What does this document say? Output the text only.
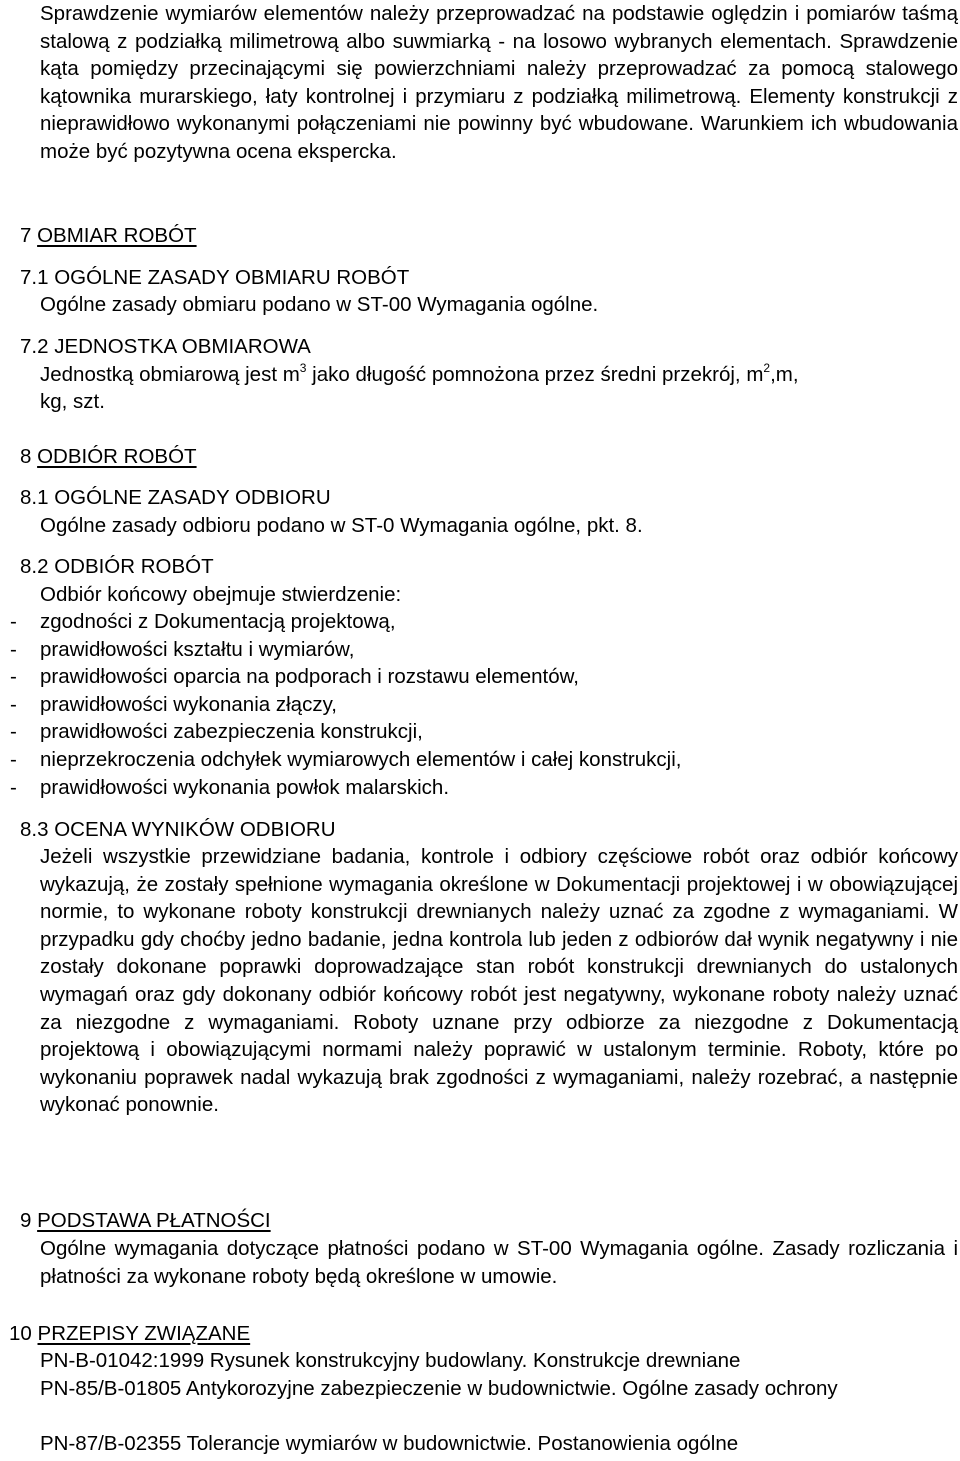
Sprawdzenie wymiarów elementów należy przeprowadzać na podstawie oględzin i pomiarów taśmą stalową z podziałką milimetrową albo suwmiarką - na losowo wybranych elementach. Sprawdzenie kąta pomiędzy przecinającymi się powierzchniami należy przeprowadzać za pomocą stalowego kątownika murarskiego, łaty kontrolnej i przymiaru z podziałką milimetrową. Elementy konstrukcji z nieprawidłowo wykonanymi połączeniami nie powinny być wbudowane. Warunkiem ich wbudowania może być pozytywna ocena ekspercka.

7 OBMIAR ROBÓT
7.1 OGÓLNE ZASADY OBMIARU ROBÓT
Ogólne zasady obmiaru podano w ST-00 Wymagania ogólne.
7.2 JEDNOSTKA OBMIAROWA
Jednostką obmiarową jest $m^3$ jako długość pomnożona przez średni przekrój, $m^2,m$,
kg, szt.
8 ODBIÓR ROBÓT
8.1 OGÓLNE ZASADY ODBIORU
Ogólne zasady odbioru podano w ST-0 Wymagania ogólne, pkt. 8.
8.2 ODBIÓR ROBÓT
Odbiór końcowy obejmuje stwierdzenie:
- zgodności z Dokumentacją projektową,
- prawidłowości kształtu i wymiarów,
- prawidłowości oparcia na podporach i rozstawu elementów,
- prawidłowości wykonania złączy,
- prawidłowości zabezpieczenia konstrukcji,
- nieprzekroczenia odchyłek wymiarowych elementów i całej konstrukcji,
- prawidłowości wykonania powłok malarskich.
8.3 OCENA WYNIKÓW ODBIORU

Jeżeli wszystkie przewidziane badania, kontrole i odbiory częściowe robót oraz odbiór końcowy wykazują, że zostały spełnione wymagania określone w Dokumentacji projektowej i w obowiązującej normie, to wykonane roboty konstrukcji drewnianych należy uznać za zgodne z wymaganiami. W przypadku gdy choćby jedno badanie, jedna kontrola lub jeden z odbiorów dał wynik negatywny i nie zostały dokonane poprawki doprowadzające stan robót konstrukcji drewnianych do ustalonych wymagań oraz gdy dokonany odbiór końcowy robót jest negatywny, wykonane roboty należy uznać za niezgodne z wymaganiami. Roboty uznane przy odbiorze za niezgodne z Dokumentacją projektową i obowiązującymi normami należy poprawić w ustalonym terminie. Roboty, które po wykonaniu poprawek nadal wykazują brak zgodności z wymaganiami, należy rozebrać, a następnie wykonać ponownie.

9 PODSTAWA PŁATNOŚCI

Ogólne wymagania dotyczące płatności podano w ST-00 Wymagania ogólne. Zasady rozliczania i płatności za wykonane roboty będą określone w umowie.

10 PRZEPISY ZWIĄZANE
PN-B-01042:1999 Rysunek konstrukcyjny budowlany. Konstrukcje drewniane

PN-85/B-01805 Antykorozyjne zabezpieczenie w budownictwie. Ogólne zasady ochrony

PN-87/B-02355 Tolerancje wymiarów w budownictwie. Postanowienia ogólne
